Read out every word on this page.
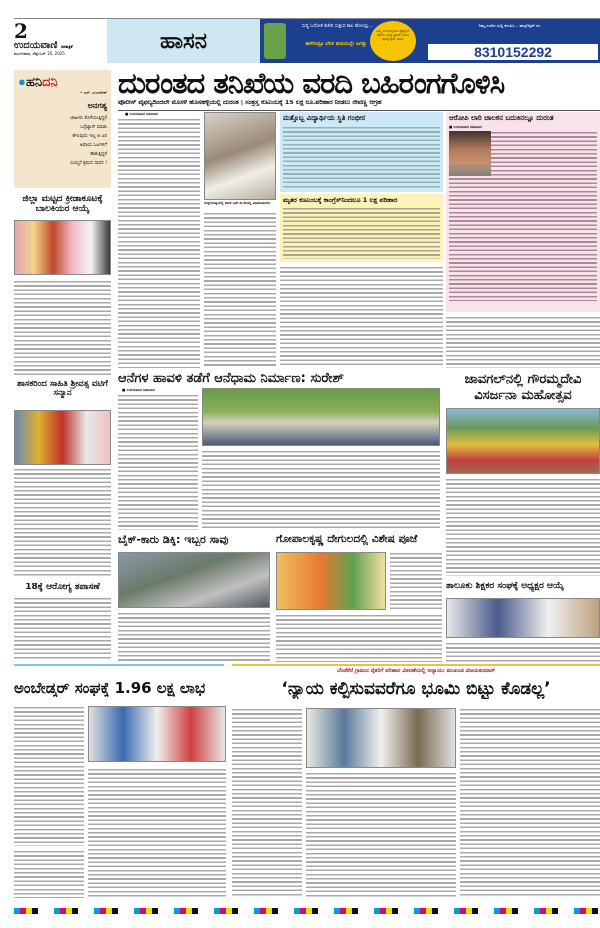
2
ಉದಯವಾಣಿ ದಿನಪತ್ರಿಕೆ
ಮಂಗಳವಾರ, ಸೆಪ್ಟೆಂಬರ್ 16, 2025	ಹಾಸನ
ಸುದ್ದಿ ಓದೋಕೆ ಕಚೇರಿ ಸುತ್ತುವ ಕಾಲ ಹೋಯ್ತು...
ಈಗೇನಿದ್ರೂ ಬೆರಳ ತುದಿಯಲ್ಲೇ ಜಗತ್ತು
ನಿಮ್ಮ ಊರ್ನಲ್ಲಿರುವ ಪ್ರೊಫೈಲ್ ತೆಗೆದು, ಸುದ್ದಿ ಟ್ರೆಂಡ್ ಮಾಡಿ ವಾಟ್ಸ್ಆ್ಯಪ್ ಮಾಡಿ
ನಿಮ್ಮ ಊರಿನ ಸುದ್ದಿ ಕಳುಹಿಸಿ... ವಾಟ್ಸ್ಆ್ಯಪ್ ನಂ.
8310152292
●ಹನಿದನಿ
• ಎನ್. ಸುಂದರೇಶ್
ಅನಗತ್ಯ
ಜಾಹೀರು ಕೊಳೆಯುತ್ತಿದ್ದರೆ
ಬಸ್ಸೆಟ್ಯಾರ್ ಮಾಡು
ಕೇಳುವುದು ಇಲ್ಲ ಆ ಜನ
ಅಪಾಯ ಓಟಗಳಿಗೆ
ಹಾಕುತ್ತಿದ್ದರೆ
ಸುಮ್ಮನೆ ಶ್ರಮದ ಸಾಧನ !
ದುರಂತದ ತನಿಖೆಯ ವರದಿ ಬಹಿರಂಗಗೊಳಿಸಿ
ಪೊಲೀಸ್ ವೈಫಲ್ಯದಿಂದಲೇ ಮೊಸಳೆ ಹೊಸಹಳ್ಳಿಯಲ್ಲಿ ದುರಂತ | ಸಂತ್ರಸ್ತ ಕುಟುಂಬಕ್ಕೆ 15 ಲಕ್ಷ ರೂ.ಪರಿಹಾರ ನೀಡಲು ರೇವಣ್ಣ ಆಗ್ರಹ
ಜಿಲ್ಲಾ ಮಟ್ಟದ ಕ್ರೀಡಾಕೂಟಕ್ಕೆ ಬಾಲಕಿಯರ ಆಯ್ಕೆ
ಶಾಸಕರಿಂದ ಸಾಹಿತಿ ಶ್ರೀವತ್ಸ ವಟಿಗೆ ಸನ್ಮಾನ
18ಕ್ಕೆ ಆರೋಗ್ಯ ತಪಾಸಣೆ
■ ಉದಯವಾಣಿ ಸಮಾಚಾರ
ಸುದ್ದಿಗೋಷ್ಠಿಯಲ್ಲಿ ಶಾಸಕ ಎಚ್.ಡಿ.ರೇವಣ್ಣ ಮಾತನಾಡಿದರು.
ಮತ್ತೊಬ್ಬ ವಿದ್ಯಾರ್ಥಿಯ ಸ್ಥಿತಿ ಗಂಭೀರ
ಮೃತರ ಕುಟುಂಬಕ್ಕೆ ಕಾಂಗ್ರೆಸ್‌ನಿಂದಲೂ 1 ಲಕ್ಷ ಪರಿಹಾರ
ಆರೋಪಿ ಲಾರಿ ಚಾಲಕನ ಬದುಕಿನಲ್ಲೂ ದುರಂತ
■ ಉದಯವಾಣಿ ಸಮಾಚಾರ
ಆನೆಗಳ ಹಾವಳಿ ತಡೆಗೆ ಆನೆಧಾಮ ನಿರ್ಮಾಣ: ಸುರೇಶ್
■ ಉದಯವಾಣಿ ಸಮಾಚಾರ
ಜಾವಗಲ್‌ನಲ್ಲಿ ಗೌರಮ್ಮದೇವಿ ವಿಸರ್ಜನಾ ಮಹೋತ್ಸವ
ಬೈಕ್-ಕಾರು ಡಿಕ್ಕಿ: ಇಬ್ಬರ ಸಾವು	ಗೋಪಾಲಕೃಷ್ಣ ದೇಗುಲದಲ್ಲಿ ವಿಶೇಷ ಪೂಜೆ
ತಾಲೂಕು ಶಿಕ್ಷಕರ ಸಂಘಕ್ಕೆ ಅಧ್ಯಕ್ಷರ ಆಯ್ಕೆ
ಬೆಂಡೆಕೆರೆ ಗ್ರಾಮದ ರೈತರಿಗೆ ಪರಿಹಾರ ವಿತರಣೆಯಲ್ಲಿ ಅನ್ಯಾಯ: ಮುಖಂಡ ವಿಜಯಕುಮಾರ್
ಅಂಬೇಡ್ಕರ್ ಸಂಘಕ್ಕೆ 1.96 ಲಕ್ಷ ಲಾಭ	‘ನ್ಯಾಯ ಕಲ್ಪಿಸುವವರೆಗೂ ಭೂಮಿ ಬಿಟ್ಟು ಕೊಡಲ್ಲ’
